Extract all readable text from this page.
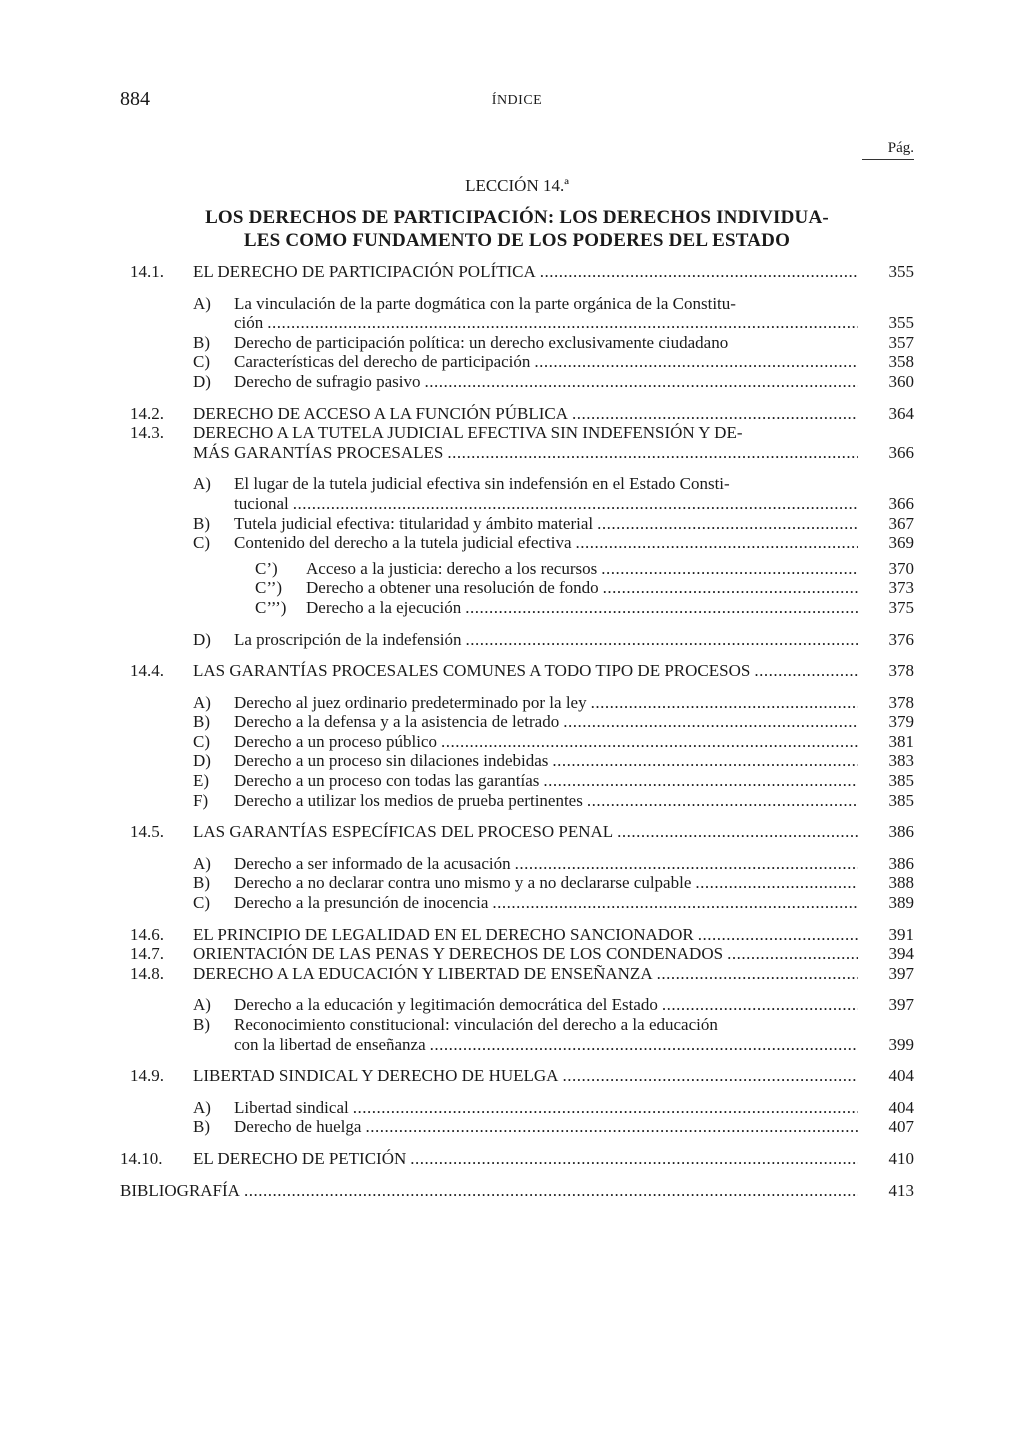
884	ÍNDICE
Pág.
LECCIÓN 14.ª
LOS DERECHOS DE PARTICIPACIÓN: LOS DERECHOS INDIVIDUA-
LES COMO FUNDAMENTO DE LOS PODERES DEL ESTADO
14.1. EL DERECHO DE PARTICIPACIÓN POLÍTICA .....	355
A) La vinculación de la parte dogmática con la parte orgánica de la Constitu-
ción .....	355
B) Derecho de participación política: un derecho exclusivamente ciudadano	357
C) Características del derecho de participación .....	358
D) Derecho de sufragio pasivo .....	360
14.2. DERECHO DE ACCESO A LA FUNCIÓN PÚBLICA .....	364
14.3. DERECHO A LA TUTELA JUDICIAL EFECTIVA SIN INDEFENSIÓN Y DE-
MÁS GARANTÍAS PROCESALES .....	366
A) El lugar de la tutela judicial efectiva sin indefensión en el Estado Consti-
tucional .....	366
B) Tutela judicial efectiva: titularidad y ámbito material .....	367
C) Contenido del derecho a la tutela judicial efectiva .....	369
C’) Acceso a la justicia: derecho a los recursos .....	370
C’’) Derecho a obtener una resolución de fondo .....	373
C’’’) Derecho a la ejecución .....	375
D) La proscripción de la indefensión .....	376
14.4. LAS GARANTÍAS PROCESALES COMUNES A TODO TIPO DE PROCESOS .....	378
A) Derecho al juez ordinario predeterminado por la ley .....	378
B) Derecho a la defensa y a la asistencia de letrado .....	379
C) Derecho a un proceso público .....	381
D) Derecho a un proceso sin dilaciones indebidas .....	383
E) Derecho a un proceso con todas las garantías .....	385
F) Derecho a utilizar los medios de prueba pertinentes .....	385
14.5. LAS GARANTÍAS ESPECÍFICAS DEL PROCESO PENAL .....	386
A) Derecho a ser informado de la acusación .....	386
B) Derecho a no declarar contra uno mismo y a no declararse culpable .....	388
C) Derecho a la presunción de inocencia .....	389
14.6. EL PRINCIPIO DE LEGALIDAD EN EL DERECHO SANCIONADOR .....	391
14.7. ORIENTACIÓN DE LAS PENAS Y DERECHOS DE LOS CONDENADOS .....	394
14.8. DERECHO A LA EDUCACIÓN Y LIBERTAD DE ENSEÑANZA .....	397
A) Derecho a la educación y legitimación democrática del Estado .....	397
B) Reconocimiento constitucional: vinculación del derecho a la educación
con la libertad de enseñanza .....	399
14.9. LIBERTAD SINDICAL Y DERECHO DE HUELGA .....	404
A) Libertad sindical .....	404
B) Derecho de huelga .....	407
14.10. EL DERECHO DE PETICIÓN .....	410
BIBLIOGRAFÍA .....	413
